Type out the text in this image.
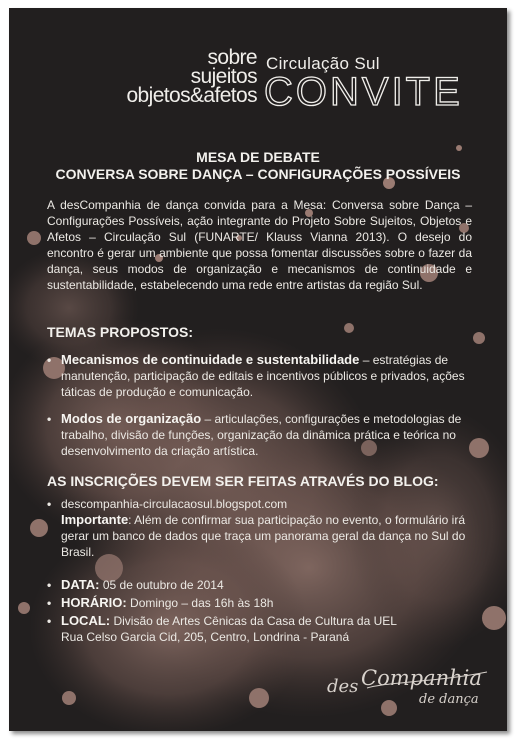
sobre
sujeitos
objetos&afetos
Circulação Sul
CONVITE
MESA DE DEBATE
CONVERSA SOBRE DANÇA – CONFIGURAÇÕES POSSÍVEIS
A desCompanhia de dança convida para a Mesa: Conversa sobre Dança – Configurações Possíveis, ação integrante do Projeto Sobre Sujeitos, Objetos e Afetos – Circulação Sul (FUNARTE/ Klauss Vianna 2013). O desejo do encontro é gerar um ambiente que possa fomentar discussões sobre o fazer da dança, seus modos de organização e mecanismos de continuidade e sustentabilidade, estabelecendo uma rede entre artistas da região Sul.
TEMAS PROPOSTOS:
• Mecanismos de continuidade e sustentabilidade – estratégias de manutenção, participação de editais e incentivos públicos e privados, ações táticas de produção e comunicação.
• Modos de organização – articulações, configurações e metodologias de trabalho, divisão de funções, organização da dinâmica prática e teórica no desenvolvimento da criação artística.
AS INSCRIÇÕES DEVEM SER FEITAS ATRAVÉS DO BLOG:
• descompanhia-circulacaosul.blogspot.com
Importante: Além de confirmar sua participação no evento, o formulário irá gerar um banco de dados que traça um panorama geral da dança no Sul do Brasil.
• DATA: 05 de outubro de 2014
• HORÁRIO: Domingo – das 16h às 18h
• LOCAL: Divisão de Artes Cênicas da Casa de Cultura da UEL
Rua Celso Garcia Cid, 205, Centro, Londrina - Paraná
des Companhia
de dança
